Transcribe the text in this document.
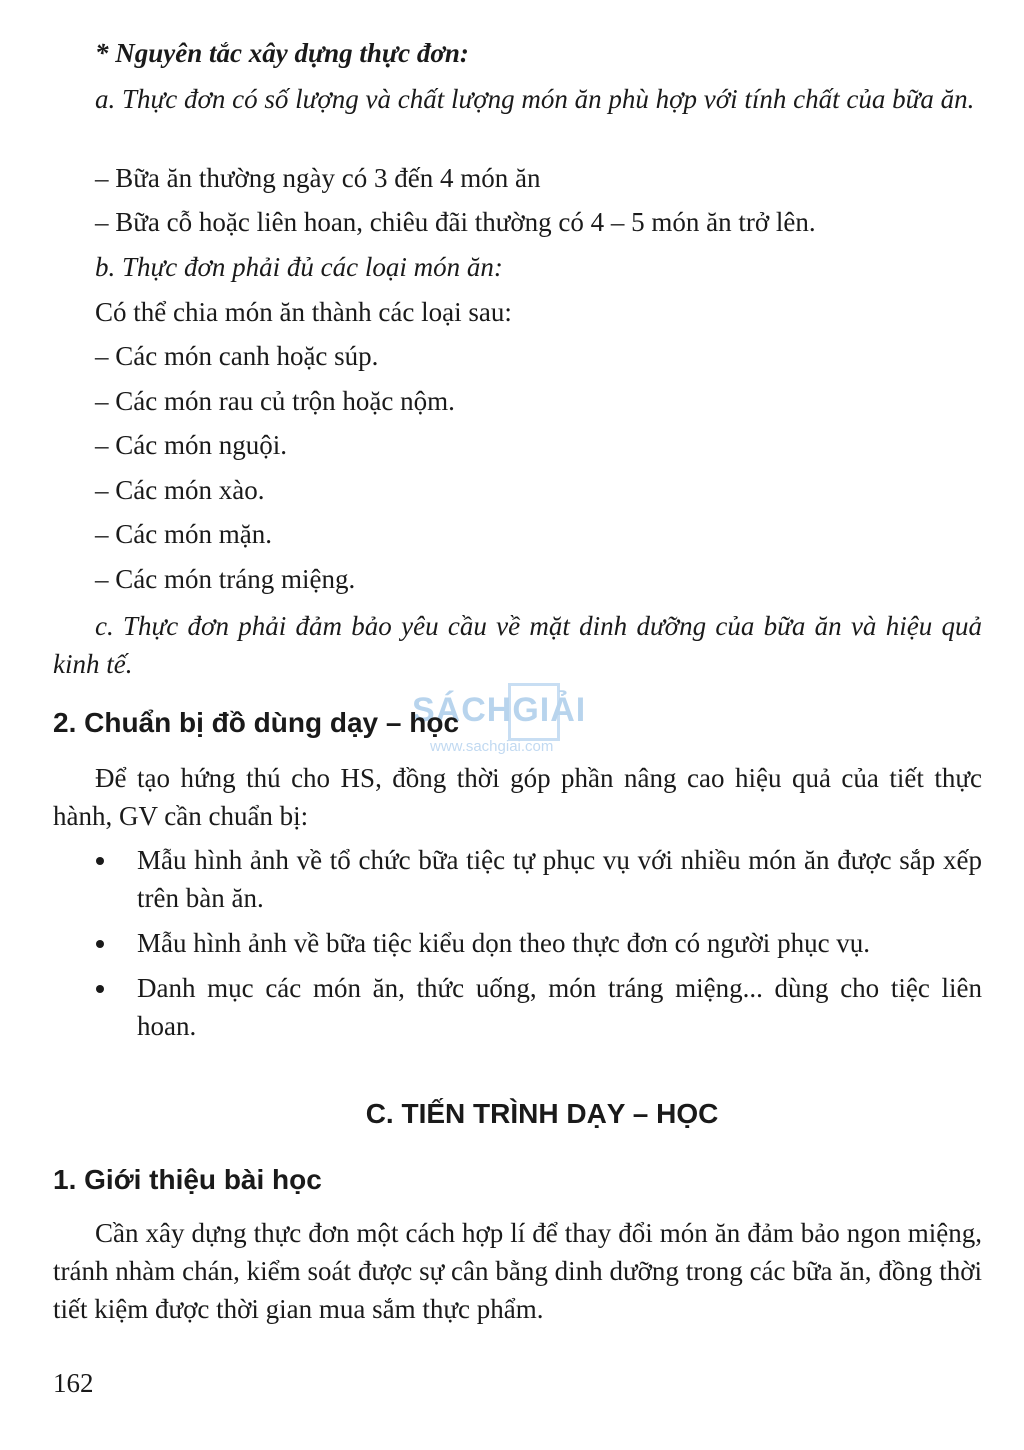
* Nguyên tắc xây dựng thực đơn:
a. Thực đơn có số lượng và chất lượng món ăn phù hợp với tính chất của bữa ăn.
– Bữa ăn thường ngày có 3 đến 4 món ăn
– Bữa cỗ hoặc liên hoan, chiêu đãi thường có 4 – 5 món ăn trở lên.
b. Thực đơn phải đủ các loại món ăn:
Có thể chia món ăn thành các loại sau:
– Các món canh hoặc súp.
– Các món rau củ trộn hoặc nộm.
– Các món nguội.
– Các món xào.
– Các món mặn.
– Các món tráng miệng.
c. Thực đơn phải đảm bảo yêu cầu về mặt dinh dưỡng của bữa ăn và hiệu quả kinh tế.
SÁCHGIẢI
www.sachgiai.com
2. Chuẩn bị đồ dùng dạy – học
Để tạo hứng thú cho HS, đồng thời góp phần nâng cao hiệu quả của tiết thực hành, GV cần chuẩn bị:
Mẫu hình ảnh về tổ chức bữa tiệc tự phục vụ với nhiều món ăn được sắp xếp trên bàn ăn.
Mẫu hình ảnh về bữa tiệc kiểu dọn theo thực đơn có người phục vụ.
Danh mục các món ăn, thức uống, món tráng miệng... dùng cho tiệc liên hoan.
C. TIẾN TRÌNH DẠY – HỌC
1. Giới thiệu bài học
Cần xây dựng thực đơn một cách hợp lí để thay đổi món ăn đảm bảo ngon miệng, tránh nhàm chán, kiểm soát được sự cân bằng dinh dưỡng trong các bữa ăn, đồng thời tiết kiệm được thời gian mua sắm thực phẩm.
162
